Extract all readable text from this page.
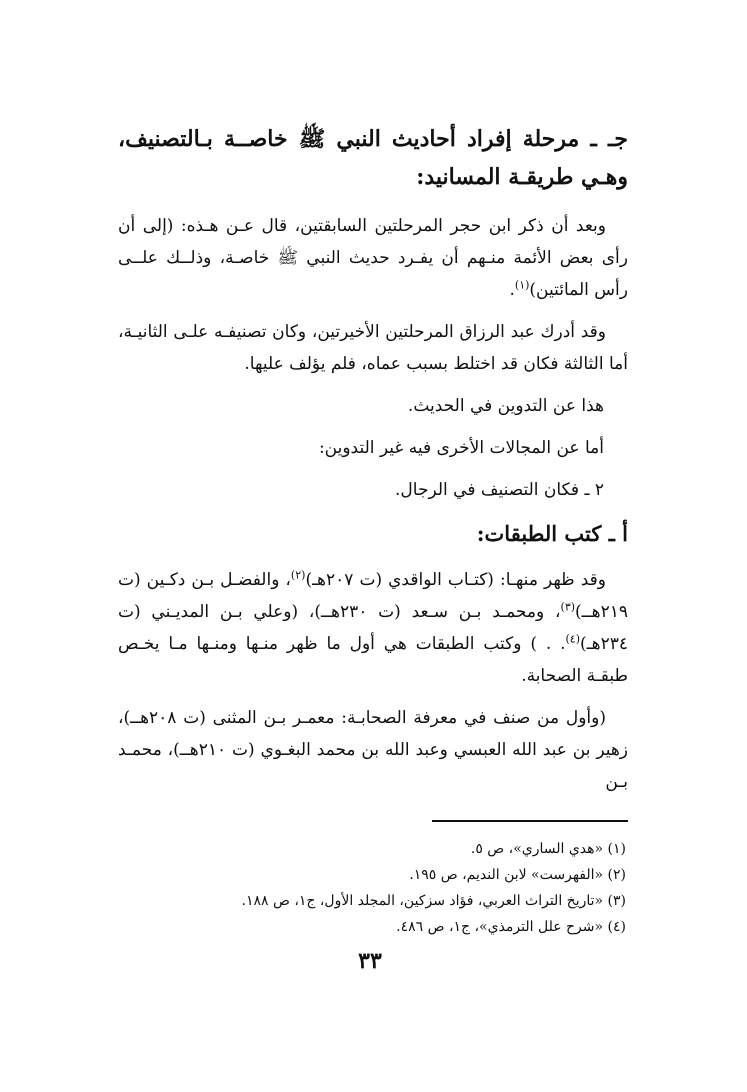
جـ ـ مرحلة إفراد أحاديث النبي ﷺ خاصــة بـالتصنيف، وهـي طريقـة المسانيد:

وبعد أن ذكر ابن حجر المرحلتين السابقتين، قال عـن هـذه: (إلى أن رأى بعض الأئمة منـهم أن يفـرد حديث النبي ﷺ خاصـة، وذلــك علــى رأس المائتين)$^{(١)}$.

وقد أدرك عبد الرزاق المرحلتين الأخيرتين، وكان تصنيفـه علـى الثانيـة، أما الثالثة فكان قد اختلط بسبب عماه، فلم يؤلف عليها.

هذا عن التدوين في الحديث.

أما عن المجالات الأخرى فيه غير التدوين:

٢ ـ فكان التصنيف في الرجال.

أ ـ كتب الطبقات:

وقد ظهر منهـا: (كتـاب الواقدي (ت ٢٠٧هـ)$^{(٢)}$، والفضـل بـن دكـين (ت ٢١٩هــ)$^{(٣)}$، ومحمـد بـن سـعد (ت ٢٣٠هــ)، (وعلي بـن المديـني (ت ٢٣٤هـ)$^{(٤)}$. . ) وكتب الطبقات هي أول ما ظهر منـها ومنـها مـا يخـص طبقـة الصحابة.

(وأول من صنف في معرفة الصحابـة: معمـر بـن المثنى (ت ٢٠٨هــ)، زهير بن عبد الله العبسي وعبد الله بن محمد البغـوي (ت ٢١٠هــ)، محمـد بـن

(١) «هدي الساري»، ص ٥.

(٢) «الفهرست» لابن النديم، ص ١٩٥.

(٣) «تاريخ التراث العربي، فؤاد سزكين، المجلد الأول، ج١، ص ١٨٨.

(٤) «شرح علل الترمذي»، ج١، ص ٤٨٦.

٣٣
